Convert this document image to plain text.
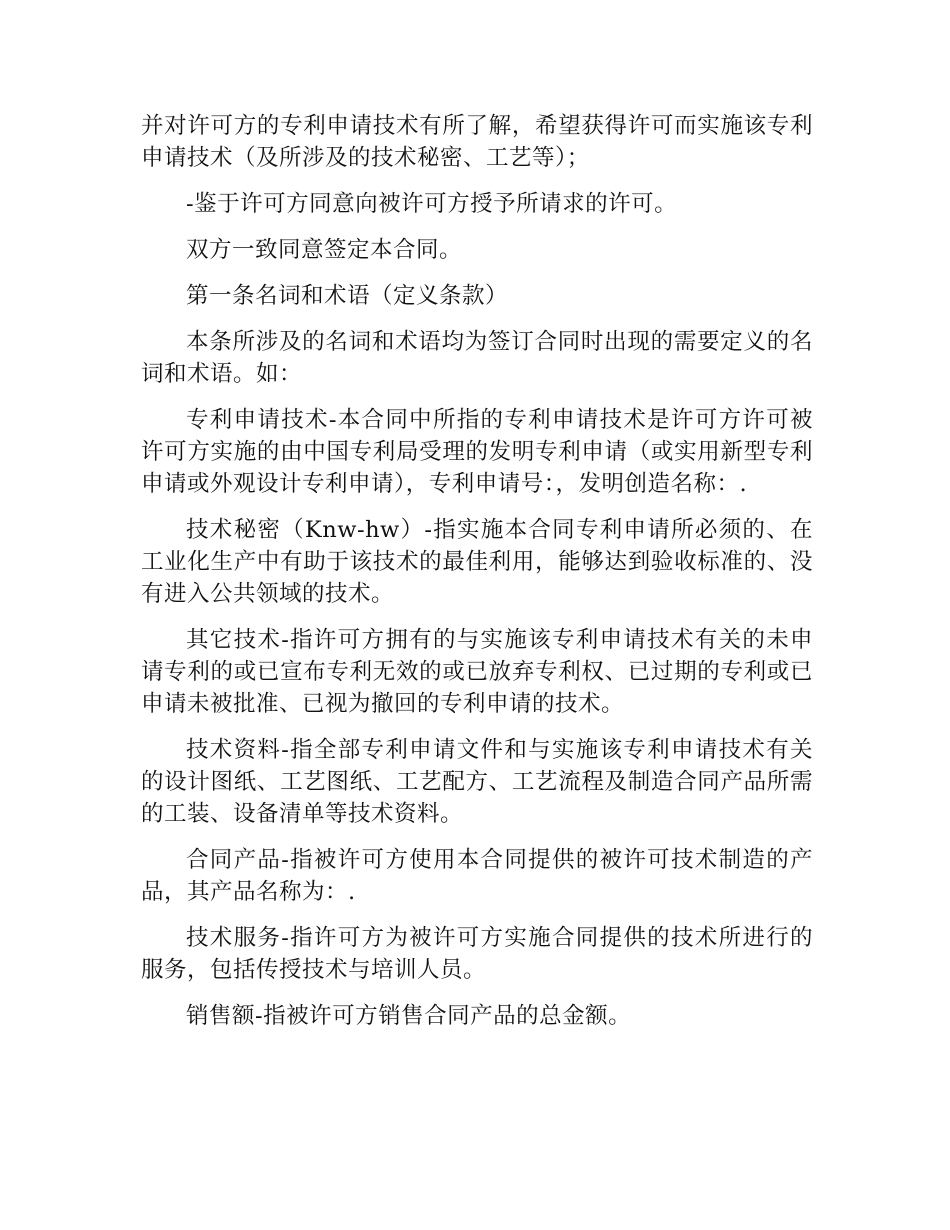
并对许可方的专利申请技术有所了解，希望获得许可而实施该专利申请技术（及所涉及的技术秘密、工艺等）；

-鉴于许可方同意向被许可方授予所请求的许可。

双方一致同意签定本合同。

第一条名词和术语（定义条款）

本条所涉及的名词和术语均为签订合同时出现的需要定义的名词和术语。如：

专利申请技术-本合同中所指的专利申请技术是许可方许可被许可方实施的由中国专利局受理的发明专利申请（或实用新型专利申请或外观设计专利申请），专利申请号：，发明创造名称：.

技术秘密（Knw-hw）-指实施本合同专利申请所必须的、在工业化生产中有助于该技术的最佳利用，能够达到验收标准的、没有进入公共领域的技术。

其它技术-指许可方拥有的与实施该专利申请技术有关的未申请专利的或已宣布专利无效的或已放弃专利权、已过期的专利或已申请未被批准、已视为撤回的专利申请的技术。

技术资料-指全部专利申请文件和与实施该专利申请技术有关的设计图纸、工艺图纸、工艺配方、工艺流程及制造合同产品所需的工装、设备清单等技术资料。

合同产品-指被许可方使用本合同提供的被许可技术制造的产品，其产品名称为：.

技术服务-指许可方为被许可方实施合同提供的技术所进行的服务，包括传授技术与培训人员。

销售额-指被许可方销售合同产品的总金额。
